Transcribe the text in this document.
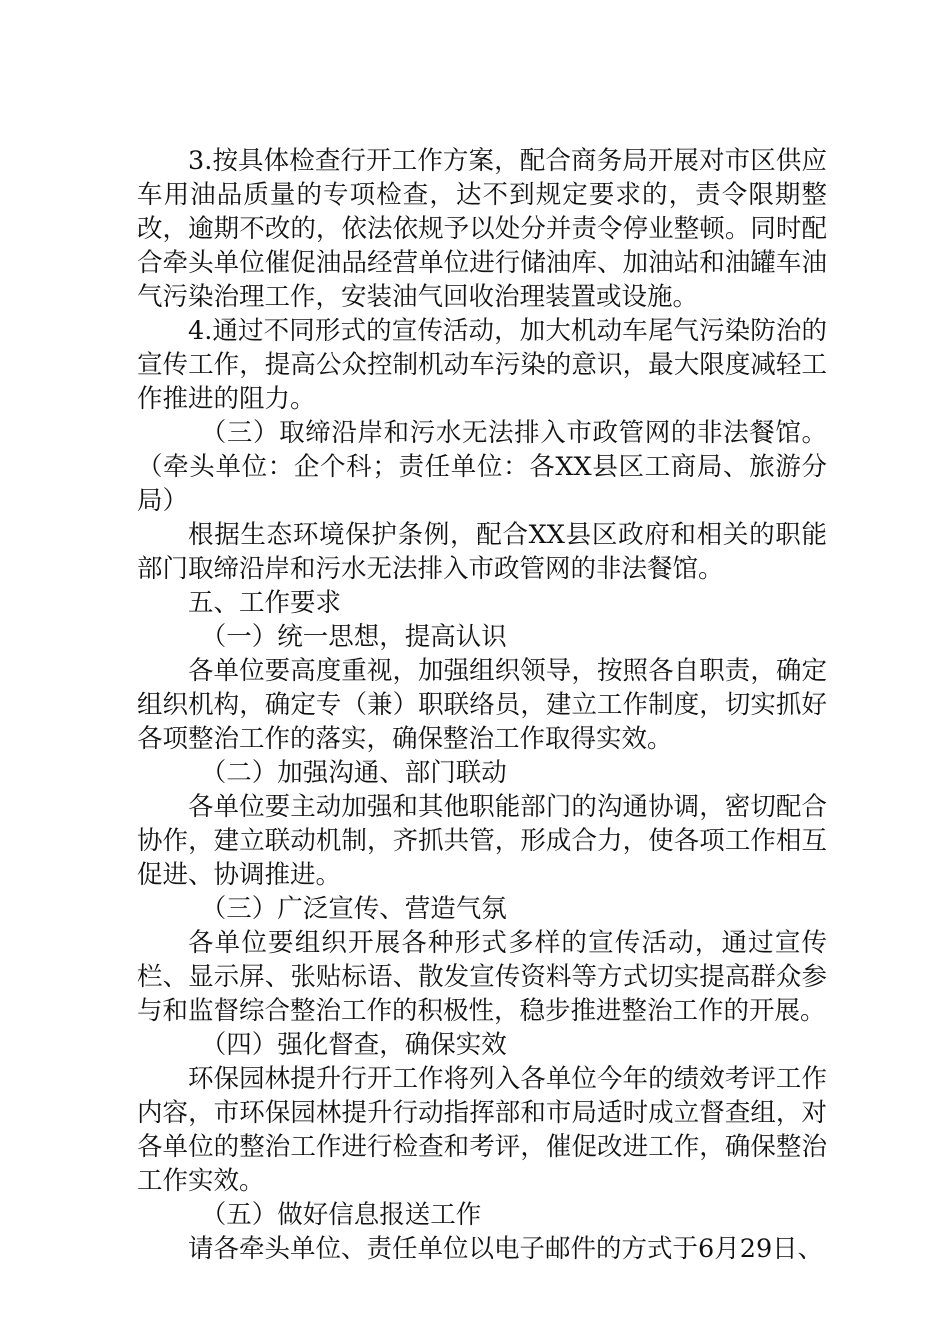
3.按具体检查行开工作方案，配合商务局开展对市区供应车用油品质量的专项检查，达不到规定要求的，责令限期整改，逾期不改的，依法依规予以处分并责令停业整顿。同时配合牵头单位催促油品经营单位进行储油库、加油站和油罐车油气污染治理工作，安装油气回收治理装置或设施。

4.通过不同形式的宣传活动，加大机动车尾气污染防治的宣传工作，提高公众控制机动车污染的意识，最大限度减轻工作推进的阻力。

（三）取缔沿岸和污水无法排入市政管网的非法餐馆。（牵头单位：企个科；责任单位：各XX县区工商局、旅游分局）

根据生态环境保护条例，配合XX县区政府和相关的职能部门取缔沿岸和污水无法排入市政管网的非法餐馆。

五、工作要求

（一）统一思想，提高认识

各单位要高度重视，加强组织领导，按照各自职责，确定组织机构，确定专（兼）职联络员，建立工作制度，切实抓好各项整治工作的落实，确保整治工作取得实效。

（二）加强沟通、部门联动

各单位要主动加强和其他职能部门的沟通协调，密切配合协作，建立联动机制，齐抓共管，形成合力，使各项工作相互促进、协调推进。

（三）广泛宣传、营造气氛

各单位要组织开展各种形式多样的宣传活动，通过宣传栏、显示屏、张贴标语、散发宣传资料等方式切实提高群众参与和监督综合整治工作的积极性，稳步推进整治工作的开展。

（四）强化督查，确保实效

环保园林提升行开工作将列入各单位今年的绩效考评工作内容，市环保园林提升行动指挥部和市局适时成立督查组，对各单位的整治工作进行检查和考评，催促改进工作，确保整治工作实效。

（五）做好信息报送工作

请各牵头单位、责任单位以电子邮件的方式于6月29日、
